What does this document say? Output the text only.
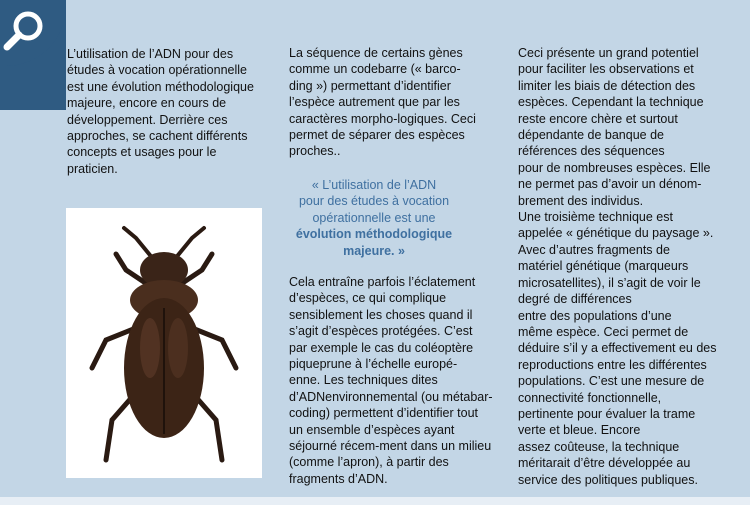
L’utilisation de l’ADN pour des
études à vocation opérationnelle
est une évolution méthodologique
majeure, encore en cours de
développement. Derrière ces
approches, se cachent différents
concepts et usages pour le
praticien.

La séquence de certains gènes
comme un codebarre (« barco-
ding ») permettant d’identifier
l’espèce autrement que par les
caractères morpho-logiques. Ceci
permet de séparer des espèces
proches..

« L’utilisation de l’ADN
pour des études à vocation
opérationnelle est une
évolution méthodologique
majeure. »

Cela entraîne parfois l’éclatement
d’espèces, ce qui complique
sensiblement les choses quand il
s’agit d’espèces protégées. C’est
par exemple le cas du coléoptère
piqueprune à l’échelle europé-
enne. Les techniques dites
d’ADNenvironnemental (ou métabar-
coding) permettent d’identifier tout
un ensemble d’espèces ayant
séjourné récem-ment dans un milieu
(comme l’apron), à partir des
fragments d’ADN.

Ceci présente un grand potentiel
pour faciliter les observations et
limiter les biais de détection des
espèces. Cependant la technique
reste encore chère et surtout
dépendante de banque de
références des séquences
pour de nombreuses espèces. Elle
ne permet pas d’avoir un dénom-
brement des individus.
Une troisième technique est
appelée « génétique du paysage ».
Avec d’autres fragments de
matériel génétique (marqueurs
microsatellites), il s’agit de voir le
degré de différences
entre des populations d’une
même espèce. Ceci permet de
déduire s’il y a effectivement eu des
reproductions entre les différentes
populations. C’est une mesure de
connectivité fonctionnelle,
pertinente pour évaluer la trame
verte et bleue. Encore
assez coûteuse, la technique
méritarait d’être développée au
service des politiques publiques.
